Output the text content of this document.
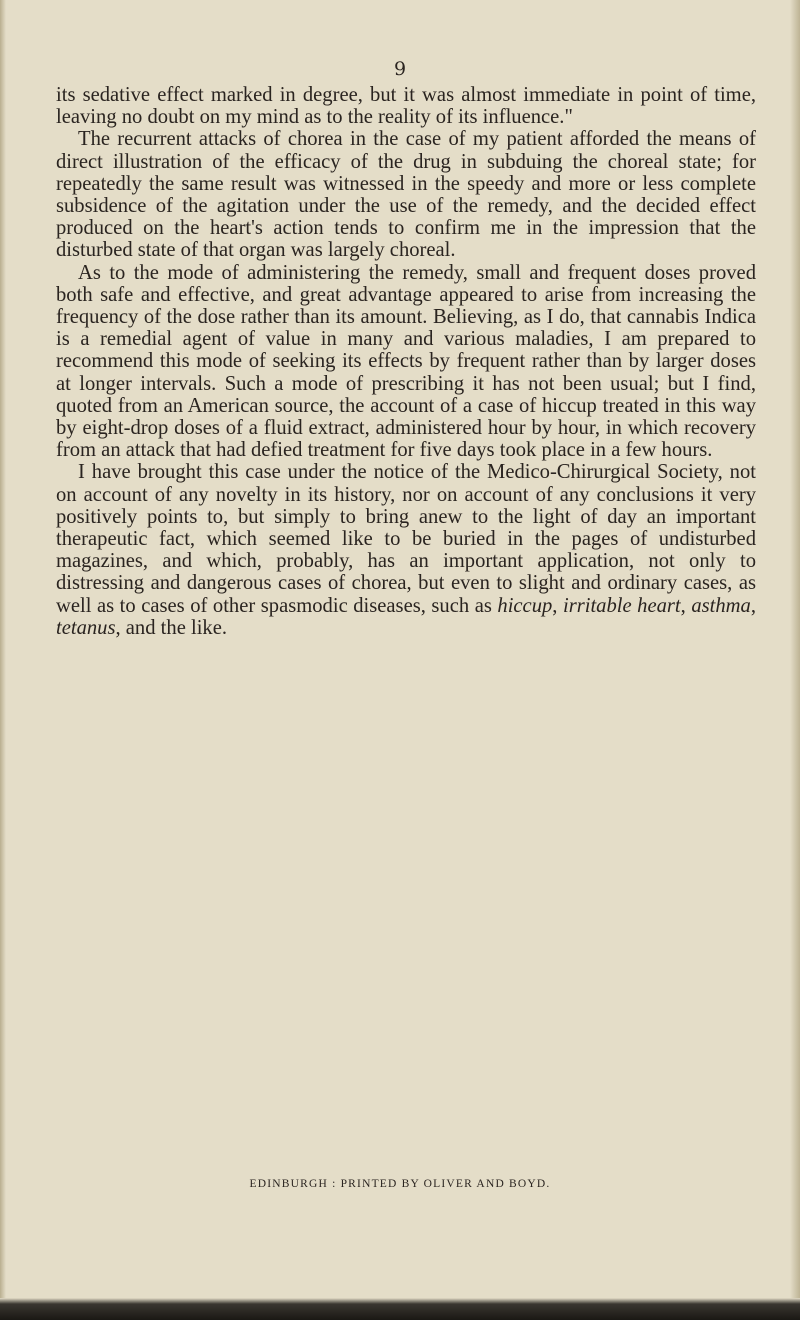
9

its sedative effect marked in degree, but it was almost immediate in point of time, leaving no doubt on my mind as to the reality of its influence."

The recurrent attacks of chorea in the case of my patient afforded the means of direct illustration of the efficacy of the drug in subduing the choreal state; for repeatedly the same result was witnessed in the speedy and more or less complete subsidence of the agitation under the use of the remedy, and the decided effect produced on the heart's action tends to confirm me in the impression that the disturbed state of that organ was largely choreal.

As to the mode of administering the remedy, small and frequent doses proved both safe and effective, and great advantage appeared to arise from increasing the frequency of the dose rather than its amount. Believing, as I do, that cannabis Indica is a remedial agent of value in many and various maladies, I am prepared to recommend this mode of seeking its effects by frequent rather than by larger doses at longer intervals. Such a mode of prescribing it has not been usual; but I find, quoted from an American source, the account of a case of hiccup treated in this way by eight-drop doses of a fluid extract, administered hour by hour, in which recovery from an attack that had defied treatment for five days took place in a few hours.

I have brought this case under the notice of the Medico-Chirurgical Society, not on account of any novelty in its history, nor on account of any conclusions it very positively points to, but simply to bring anew to the light of day an important therapeutic fact, which seemed like to be buried in the pages of undisturbed magazines, and which, probably, has an important application, not only to distressing and dangerous cases of chorea, but even to slight and ordinary cases, as well as to cases of other spasmodic diseases, such as hiccup, irritable heart, asthma, tetanus, and the like.

EDINBURGH : PRINTED BY OLIVER AND BOYD.
